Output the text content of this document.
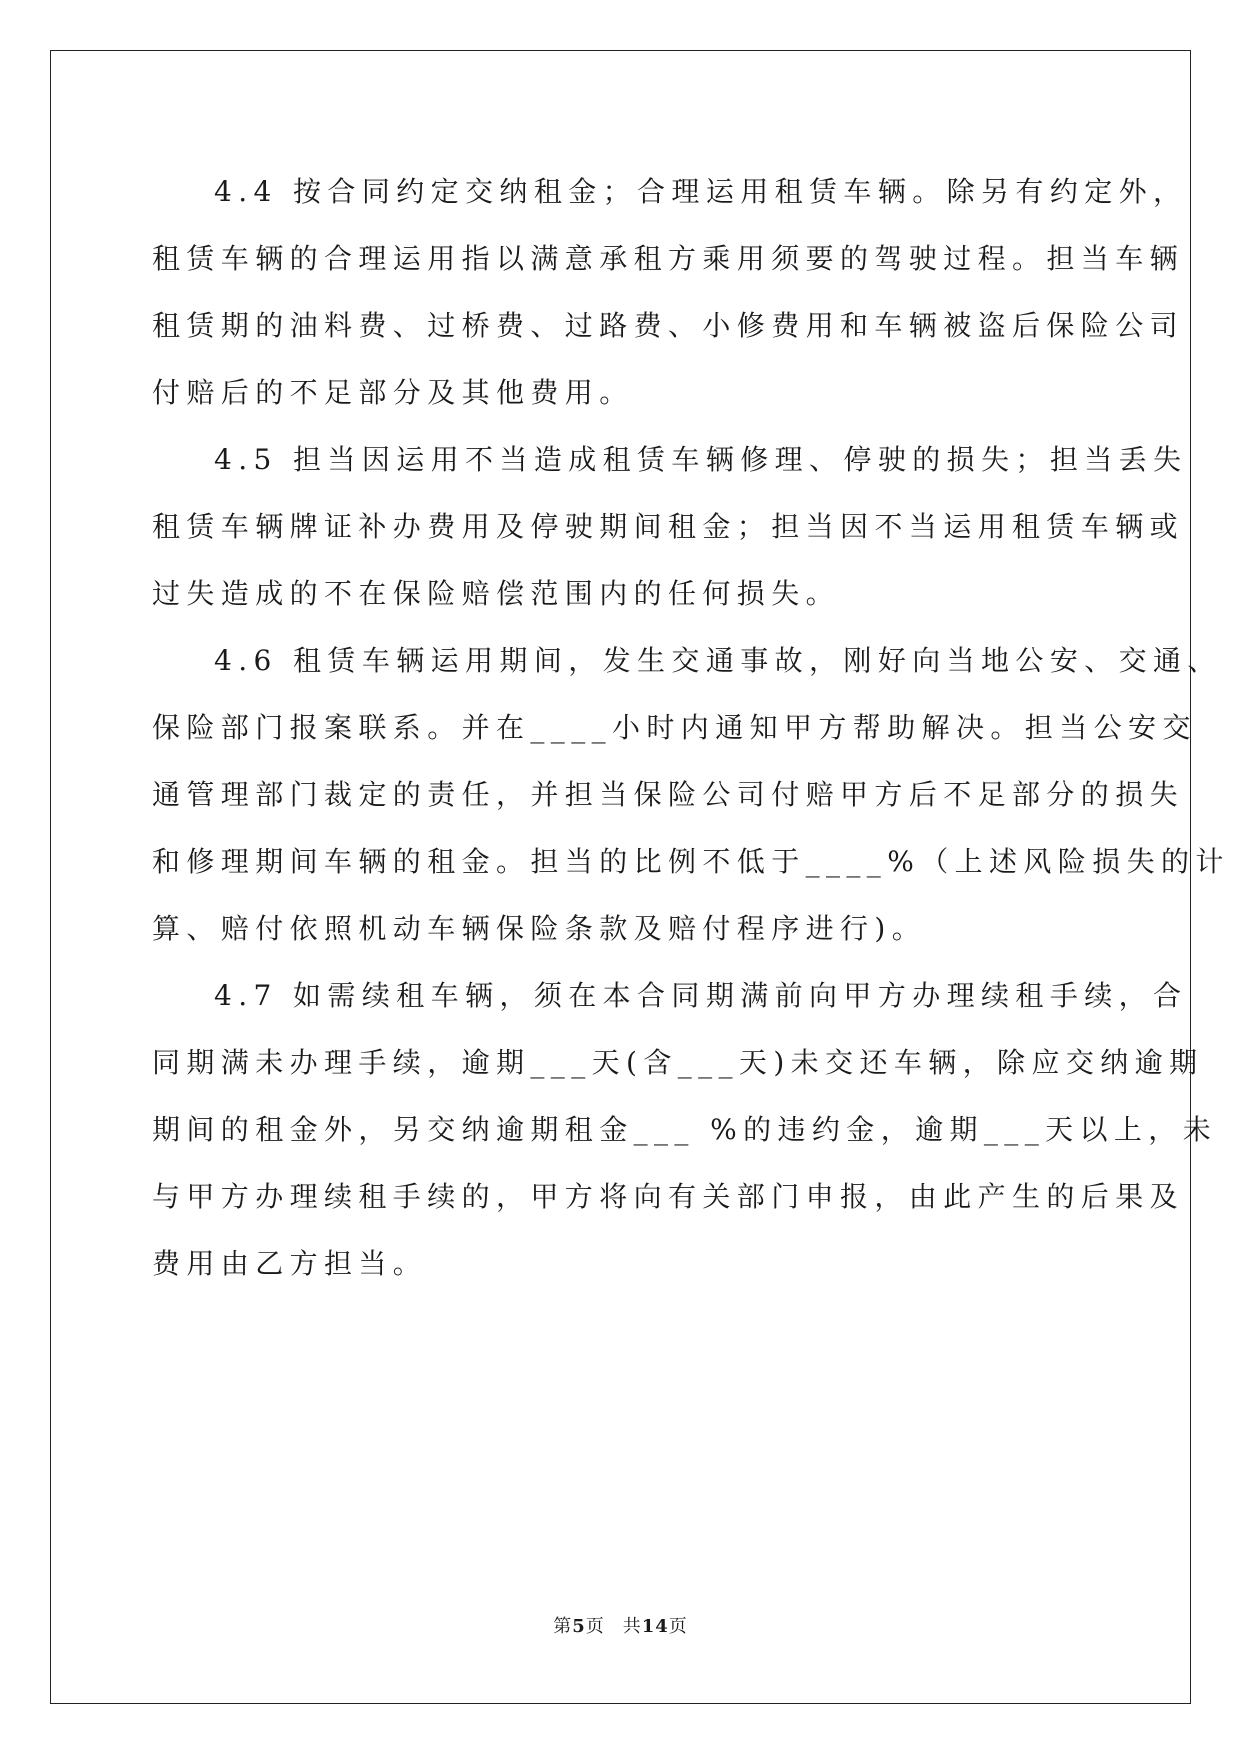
4.4 按合同约定交纳租金；合理运用租赁车辆。除另有约定外，
租赁车辆的合理运用指以满意承租方乘用须要的驾驶过程。担当车辆
租赁期的油料费、过桥费、过路费、小修费用和车辆被盗后保险公司
付赔后的不足部分及其他费用。
4.5 担当因运用不当造成租赁车辆修理、停驶的损失；担当丢失
租赁车辆牌证补办费用及停驶期间租金；担当因不当运用租赁车辆或
过失造成的不在保险赔偿范围内的任何损失。
4.6 租赁车辆运用期间，发生交通事故，刚好向当地公安、交通、
保险部门报案联系。并在____小时内通知甲方帮助解决。担当公安交
通管理部门裁定的责任，并担当保险公司付赔甲方后不足部分的损失
和修理期间车辆的租金。担当的比例不低于____%（上述风险损失的计
算、赔付依照机动车辆保险条款及赔付程序进行)。
4.7 如需续租车辆，须在本合同期满前向甲方办理续租手续，合
同期满未办理手续，逾期___天(含___天)未交还车辆，除应交纳逾期
期间的租金外，另交纳逾期租金___ %的违约金，逾期___天以上，未
与甲方办理续租手续的，甲方将向有关部门申报，由此产生的后果及
费用由乙方担当。
第5页 共14页
